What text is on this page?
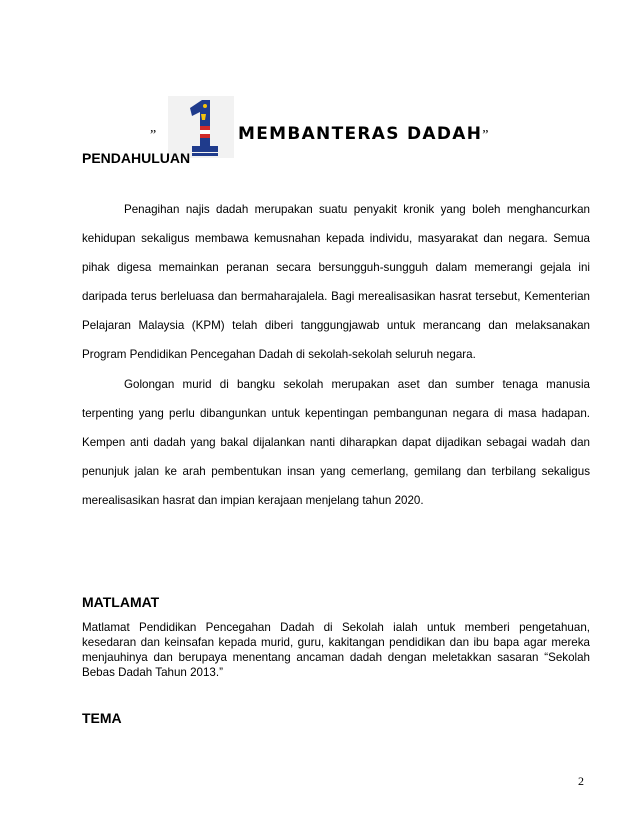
”	MEMBANTERAS DADAH”
PENDAHULUAN

Penagihan najis dadah merupakan suatu penyakit kronik yang boleh menghancurkan kehidupan sekaligus membawa kemusnahan kepada individu, masyarakat dan negara. Semua pihak digesa memainkan peranan secara bersungguh-sungguh dalam memerangi gejala ini daripada terus berleluasa dan bermaharajalela. Bagi merealisasikan hasrat tersebut, Kementerian Pelajaran Malaysia (KPM) telah diberi tanggungjawab untuk merancang dan melaksanakan Program Pendidikan Pencegahan Dadah di sekolah-sekolah seluruh negara.

Golongan murid di bangku sekolah merupakan aset dan sumber tenaga manusia terpenting yang perlu dibangunkan untuk kepentingan pembangunan negara di masa hadapan. Kempen anti dadah yang bakal dijalankan nanti diharapkan dapat dijadikan sebagai wadah dan penunjuk jalan ke arah pembentukan insan yang cemerlang, gemilang dan terbilang sekaligus merealisasikan hasrat dan impian kerajaan menjelang tahun 2020.

MATLAMAT

Matlamat Pendidikan Pencegahan Dadah di Sekolah ialah untuk memberi pengetahuan, kesedaran dan keinsafan kepada murid, guru, kakitangan pendidikan dan ibu bapa agar mereka menjauhinya dan berupaya menentang ancaman dadah dengan meletakkan sasaran “Sekolah Bebas Dadah Tahun 2013.”

TEMA
2
